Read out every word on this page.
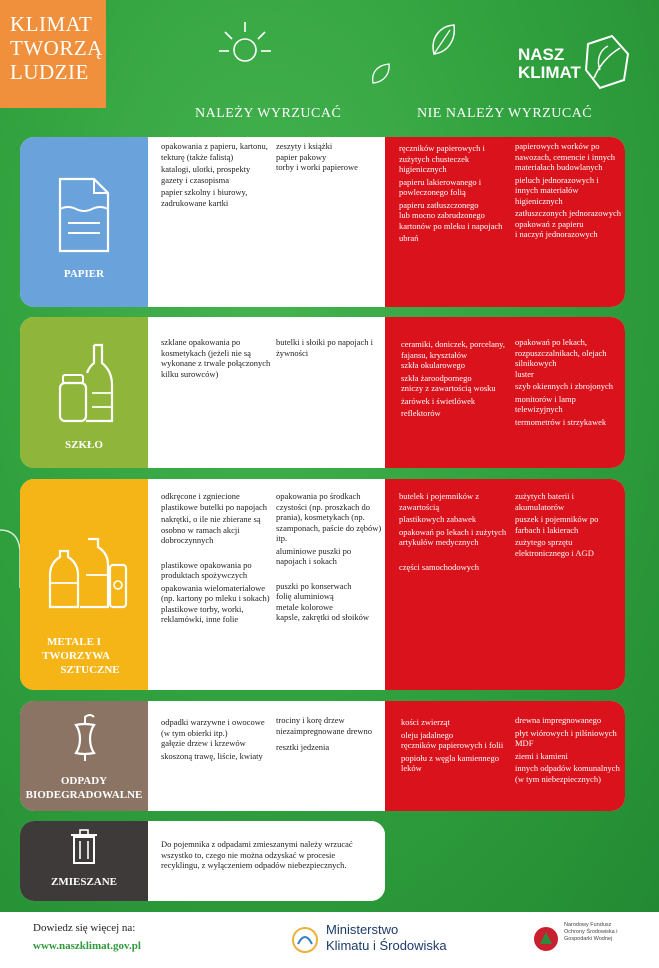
KLIMAT
TWORZĄ
LUDZIE
NASZ
KLIMAT
NALEŻY WYRZUCAĆ	NIE NALEŻY WYRZUCAĆ
PAPIER

opakowania z papieru, kartonu, tekturę (także falistą)

katalogi, ulotki, prospekty gazety i czasopisma

papier szkolny i biurowy, zadrukowane kartki

zeszyty i książki

papier pakowy

torby i worki papierowe

ręczników papierowych i zużytych chusteczek higienicznych

papieru lakierowanego i powleczonego folią

papieru zatłuszczonego

lub mocno zabrudzonego

kartonów po mleku i napojach

ubrań

papierowych worków po nawozach, cemencie i innych materiałach budowlanych

pieluch jednorazowych i innych materiałów higienicznych

zatłuszczonych jednorazowych opakowań z papieru

i naczyń jednorazowych

SZKŁO

szklane opakowania po kosmetykach (jeżeli nie są wykonane z trwale połączonych kilku surowców)

butelki i słoiki po napojach i żywności

ceramiki, doniczek, porcelany, fajansu, kryształów

szkła okularowego

szkła żaroodpornego

zniczy z zawartością wosku

żarówek i świetlówek

reflektorów

opakowań po lekach, rozpuszczalnikach, olejach silnikowych

luster

szyb okiennych i zbrojonych

monitorów i lamp telewizyjnych

termometrów i strzykawek

METALE I
TWORZYWA
SZTUCZNE

odkręcone i zgniecione plastikowe butelki po napojach

nakrętki, o ile nie zbierane są osobno w ramach akcji dobroczynnych

plastikowe opakowania po produktach spożywczych

opakowania wielomateriałowe (np. kartony po mleku i sokach)

plastikowe torby, worki, reklamówki, inne folie

opakowania po środkach czystości (np. proszkach do prania), kosmetykach (np. szamponach, paście do zębów) itp.

aluminiowe puszki po napojach i sokach

puszki po konserwach

folię aluminiową

metale kolorowe

kapsle, zakrętki od słoików

butelek i pojemników z zawartością

plastikowych zabawek

opakowań po lekach i zużytych artykułów medycznych

części samochodowych

zużytych baterii i akumulatorów

puszek i pojemników po farbach i lakierach

zużytego sprzętu elektronicznego i AGD

ODPADY
BIODEGRADOWALNE

odpadki warzywne i owocowe (w tym obierki itp.)

gałęzie drzew i krzewów

skoszoną trawę, liście, kwiaty

trociny i korę drzew niezaimpregnowane drewno

resztki jedzenia

kości zwierząt

oleju jadalnego

ręczników papierowych i folii

popiołu z węgla kamiennego

leków

drewna impregnowanego

płyt wiórowych i pilśniowych MDF

ziemi i kamieni

innych odpadów komunalnych (w tym niebezpiecznych)

ZMIESZANE
Do pojemnika z odpadami zmieszanymi należy wrzucać wszystko to, czego nie można odzyskać w procesie recyklingu, z wyłączeniem odpadów niebezpiecznych.
Dowiedz się więcej na:
www.naszklimat.gov.pl
Ministerstwo
Klimatu i Środowiska
Narodowy Fundusz Ochrony Środowiska i Gospodarki Wodnej
